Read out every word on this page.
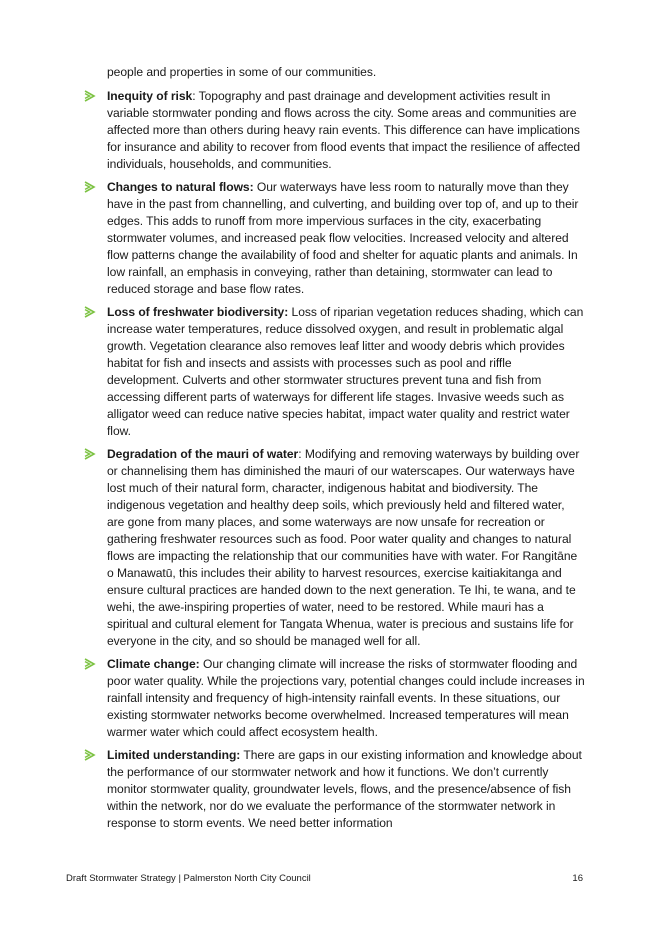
people and properties in some of our communities.

Inequity of risk: Topography and past drainage and development activities result in variable stormwater ponding and flows across the city. Some areas and communities are affected more than others during heavy rain events. This difference can have implications for insurance and ability to recover from flood events that impact the resilience of affected individuals, households, and communities.

Changes to natural flows: Our waterways have less room to naturally move than they have in the past from channelling, and culverting, and building over top of, and up to their edges. This adds to runoff from more impervious surfaces in the city, exacerbating stormwater volumes, and increased peak flow velocities. Increased velocity and altered flow patterns change the availability of food and shelter for aquatic plants and animals. In low rainfall, an emphasis in conveying, rather than detaining, stormwater can lead to reduced storage and base flow rates.

Loss of freshwater biodiversity: Loss of riparian vegetation reduces shading, which can increase water temperatures, reduce dissolved oxygen, and result in problematic algal growth. Vegetation clearance also removes leaf litter and woody debris which provides habitat for fish and insects and assists with processes such as pool and riffle development. Culverts and other stormwater structures prevent tuna and fish from accessing different parts of waterways for different life stages. Invasive weeds such as alligator weed can reduce native species habitat, impact water quality and restrict water flow.

Degradation of the mauri of water: Modifying and removing waterways by building over or channelising them has diminished the mauri of our waterscapes. Our waterways have lost much of their natural form, character, indigenous habitat and biodiversity. The indigenous vegetation and healthy deep soils, which previously held and filtered water, are gone from many places, and some waterways are now unsafe for recreation or gathering freshwater resources such as food. Poor water quality and changes to natural flows are impacting the relationship that our communities have with water. For Rangitāne o Manawatū, this includes their ability to harvest resources, exercise kaitiakitanga and ensure cultural practices are handed down to the next generation. Te Ihi, te wana, and te wehi, the awe-inspiring properties of water, need to be restored. While mauri has a spiritual and cultural element for Tangata Whenua, water is precious and sustains life for everyone in the city, and so should be managed well for all.

Climate change: Our changing climate will increase the risks of stormwater flooding and poor water quality. While the projections vary, potential changes could include increases in rainfall intensity and frequency of high-intensity rainfall events. In these situations, our existing stormwater networks become overwhelmed. Increased temperatures will mean warmer water which could affect ecosystem health.

Limited understanding: There are gaps in our existing information and knowledge about the performance of our stormwater network and how it functions. We don’t currently monitor stormwater quality, groundwater levels, flows, and the presence/absence of fish within the network, nor do we evaluate the performance of the stormwater network in response to storm events. We need better information

Draft Stormwater Strategy | Palmerston North City Council	16
